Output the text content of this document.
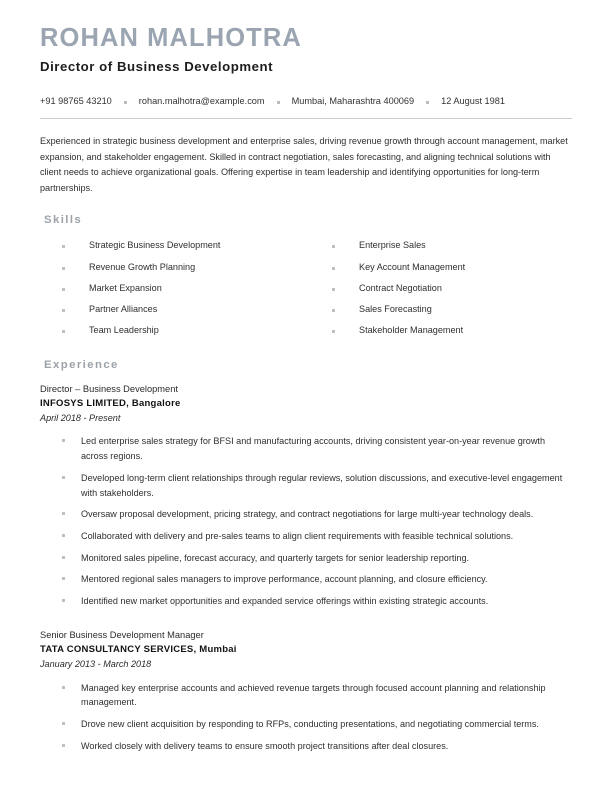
ROHAN MALHOTRA
Director of Business Development
+91 98765 43210	rohan.malhotra@example.com	Mumbai, Maharashtra 400069	12 August 1981
Experienced in strategic business development and enterprise sales, driving revenue growth through account management, market expansion, and stakeholder engagement. Skilled in contract negotiation, sales forecasting, and aligning technical solutions with client needs to achieve organizational goals. Offering expertise in team leadership and identifying opportunities for long-term partnerships.
Skills
Strategic Business Development	Enterprise Sales
Revenue Growth Planning	Key Account Management
Market Expansion	Contract Negotiation
Partner Alliances	Sales Forecasting
Team Leadership	Stakeholder Management
Experience
Director – Business Development
INFOSYS LIMITED, Bangalore
April 2018 - Present
Led enterprise sales strategy for BFSI and manufacturing accounts, driving consistent year-on-year revenue growth across regions.
Developed long-term client relationships through regular reviews, solution discussions, and executive-level engagement with stakeholders.
Oversaw proposal development, pricing strategy, and contract negotiations for large multi-year technology deals.
Collaborated with delivery and pre-sales teams to align client requirements with feasible technical solutions.
Monitored sales pipeline, forecast accuracy, and quarterly targets for senior leadership reporting.
Mentored regional sales managers to improve performance, account planning, and closure efficiency.
Identified new market opportunities and expanded service offerings within existing strategic accounts.
Senior Business Development Manager
TATA CONSULTANCY SERVICES, Mumbai
January 2013 - March 2018
Managed key enterprise accounts and achieved revenue targets through focused account planning and relationship management.
Drove new client acquisition by responding to RFPs, conducting presentations, and negotiating commercial terms.
Worked closely with delivery teams to ensure smooth project transitions after deal closures.
